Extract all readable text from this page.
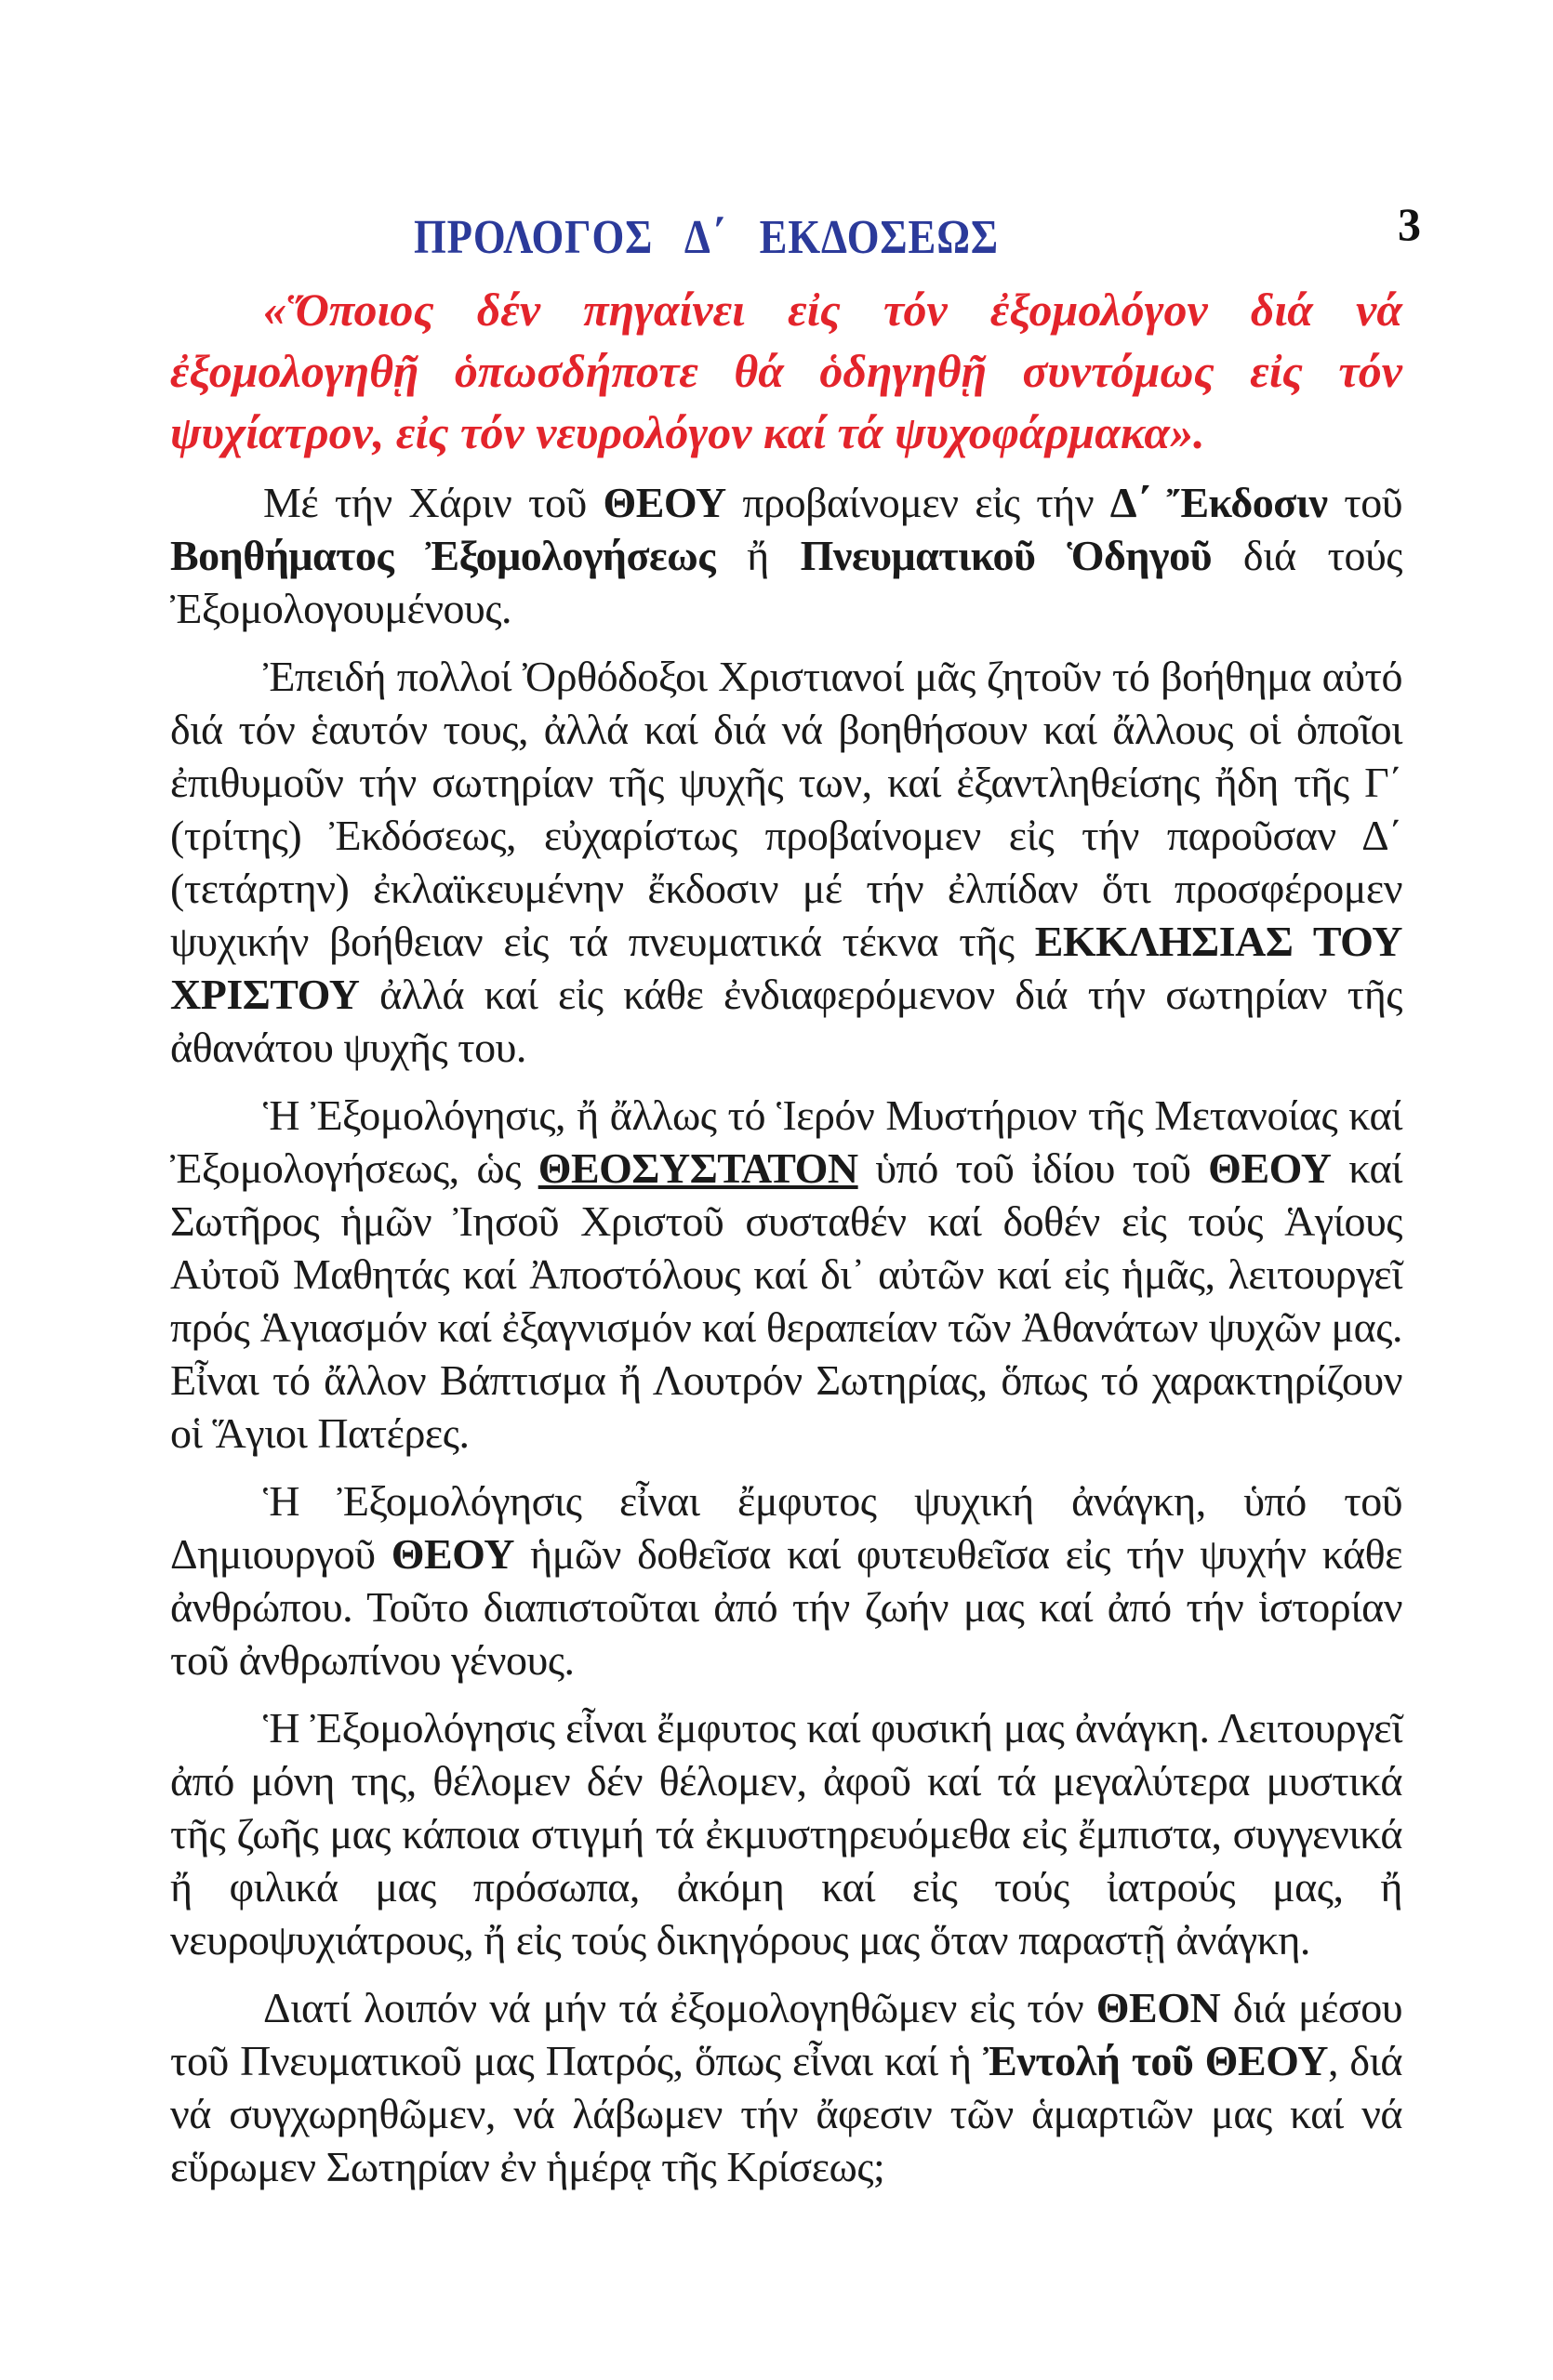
ΠΡΟΛΟΓΟΣ   Δ΄   ΕΚΔΟΣΕΩΣ	3

«Ὅποιος δέν πηγαίνει εἰς τόν ἐξομολόγον διά νά ἐξομολογηθῇ ὁπωσδήποτε θά ὁδηγηθῇ συντόμως εἰς τόν ψυχίατρον, εἰς τόν νευρολόγον καί τά ψυχοφάρμακα».

Μέ τήν Χάριν τοῦ ΘΕΟΥ προβαίνομεν εἰς τήν Δ΄ Ἔκδοσιν τοῦ Βοηθήματος Ἐξομολογήσεως ἤ Πνευματικοῦ Ὁδηγοῦ διά τούς Ἐξομολογουμένους.

Ἐπειδή πολλοί Ὀρθόδοξοι Χριστιανοί μᾶς ζητοῦν τό βοήθημα αὐτό διά τόν ἑαυτόν τους, ἀλλά καί διά νά βοηθήσουν καί ἄλλους οἱ ὁποῖοι ἐπιθυμοῦν τήν σωτηρίαν τῆς ψυχῆς των, καί ἐξαντληθείσης ἤδη τῆς Γ΄ (τρίτης) Ἐκδόσεως, εὐχαρίστως προβαίνομεν εἰς τήν παροῦσαν Δ΄ (τετάρτην) ἐκλαϊκευμένην ἔκδοσιν μέ τήν ἐλπίδαν ὅτι προσφέρομεν ψυχικήν βοήθειαν εἰς τά πνευματικά τέκνα τῆς ΕΚΚΛΗΣΙΑΣ ΤΟΥ ΧΡΙΣΤΟΥ ἀλλά καί εἰς κάθε ἐνδιαφερόμενον διά τήν σωτηρίαν τῆς ἀθανάτου ψυχῆς του.

Ἡ Ἐξομολόγησις, ἤ ἄλλως τό Ἱερόν Μυστήριον τῆς Μετανοίας καί Ἐξομολογήσεως, ὡς ΘΕΟΣΥΣΤΑΤΟΝ ὑπό τοῦ ἰδίου τοῦ ΘΕΟΥ καί Σωτῆρος ἡμῶν Ἰησοῦ Χριστοῦ συσταθέν καί δοθέν εἰς τούς Ἁγίους Αὐτοῦ Μαθητάς καί Ἀποστόλους καί δι᾽ αὐτῶν καί εἰς ἡμᾶς, λειτουργεῖ πρός Ἁγιασμόν καί ἐξαγνισμόν καί θεραπείαν τῶν Ἀθανάτων ψυχῶν μας. Εἶναι τό ἄλλον Βάπτισμα ἤ Λουτρόν Σωτηρίας, ὅπως τό χαρακτηρίζουν οἱ Ἅγιοι Πατέρες.

Ἡ Ἐξομολόγησις εἶναι ἔμφυτος ψυχική ἀνάγκη, ὑπό τοῦ Δημιουργοῦ ΘΕΟΥ ἡμῶν δοθεῖσα καί φυτευθεῖσα εἰς τήν ψυχήν κάθε ἀνθρώπου. Τοῦτο διαπιστοῦται ἀπό τήν ζωήν μας καί ἀπό τήν ἱστορίαν τοῦ ἀνθρωπίνου γένους.

Ἡ Ἐξομολόγησις εἶναι ἔμφυτος καί φυσική μας ἀνάγκη. Λειτουργεῖ ἀπό μόνη της, θέλομεν δέν θέλομεν, ἀφοῦ καί τά μεγαλύτερα μυστικά τῆς ζωῆς μας κάποια στιγμή τά ἐκμυστηρευόμεθα εἰς ἔμπιστα, συγγενικά ἤ φιλικά μας πρόσωπα, ἀκόμη καί εἰς τούς ἰατρούς μας, ἤ νευροψυχιάτρους, ἤ εἰς τούς δικηγόρους μας ὅταν παραστῇ ἀνάγκη.

Διατί λοιπόν νά μήν τά ἐξομολογηθῶμεν εἰς τόν ΘΕΟΝ διά μέσου τοῦ Πνευματικοῦ μας Πατρός, ὅπως εἶναι καί ἡ Ἐντολή τοῦ ΘΕΟΥ, διά νά συγχωρηθῶμεν, νά λάβωμεν τήν ἄφεσιν τῶν ἁμαρτιῶν μας καί νά εὕρωμεν Σωτηρίαν ἐν ἡμέρᾳ τῆς Κρίσεως;
